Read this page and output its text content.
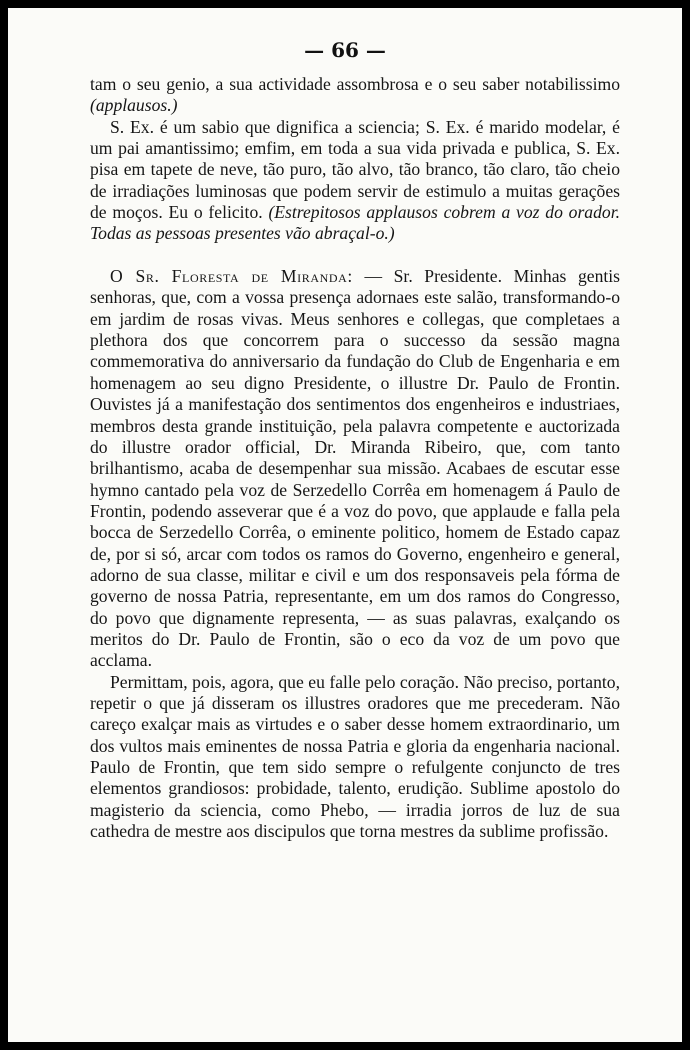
— 66 —

tam o seu genio, a sua actividade assombrosa e o seu saber notabilissimo (applausos.)

S. Ex. é um sabio que dignifica a sciencia; S. Ex. é marido modelar, é um pai amantissimo; emfim, em toda a sua vida privada e publica, S. Ex. pisa em tapete de neve, tão puro, tão alvo, tão branco, tão claro, tão cheio de irradiações luminosas que podem servir de estimulo a muitas gerações de moços. Eu o felicito. (Estrepitosos applausos cobrem a voz do orador. Todas as pessoas presentes vão abraçal-o.)

O Sr. Floresta de Miranda: — Sr. Presidente. Minhas gentis senhoras, que, com a vossa presença adornaes este salão, transformando-o em jardim de rosas vivas. Meus senhores e collegas, que completaes a plethora dos que concorrem para o successo da sessão magna commemorativa do anniversario da fundação do Club de Engenharia e em homenagem ao seu digno Presidente, o illustre Dr. Paulo de Frontin. Ouvistes já a manifestação dos sentimentos dos engenheiros e industriaes, membros desta grande instituição, pela palavra competente e auctorizada do illustre orador official, Dr. Miranda Ribeiro, que, com tanto brilhantismo, acaba de desempenhar sua missão. Acabaes de escutar esse hymno cantado pela voz de Serzedello Corrêa em homenagem á Paulo de Frontin, podendo asseverar que é a voz do povo, que applaude e falla pela bocca de Serzedello Corrêa, o eminente politico, homem de Estado capaz de, por si só, arcar com todos os ramos do Governo, engenheiro e general, adorno de sua classe, militar e civil e um dos responsaveis pela fórma de governo de nossa Patria, representante, em um dos ramos do Congresso, do povo que dignamente representa, — as suas palavras, exalçando os meritos do Dr. Paulo de Frontin, são o eco da voz de um povo que acclama.

Permittam, pois, agora, que eu falle pelo coração. Não preciso, portanto, repetir o que já disseram os illustres oradores que me precederam. Não careço exalçar mais as virtudes e o saber desse homem extraordinario, um dos vultos mais eminentes de nossa Patria e gloria da engenharia nacional. Paulo de Frontin, que tem sido sempre o refulgente conjuncto de tres elementos grandiosos: probidade, talento, erudição. Sublime apostolo do magisterio da sciencia, como Phebo, — irradia jorros de luz de sua cathedra de mestre aos discipulos que torna mestres da sublime profissão.
